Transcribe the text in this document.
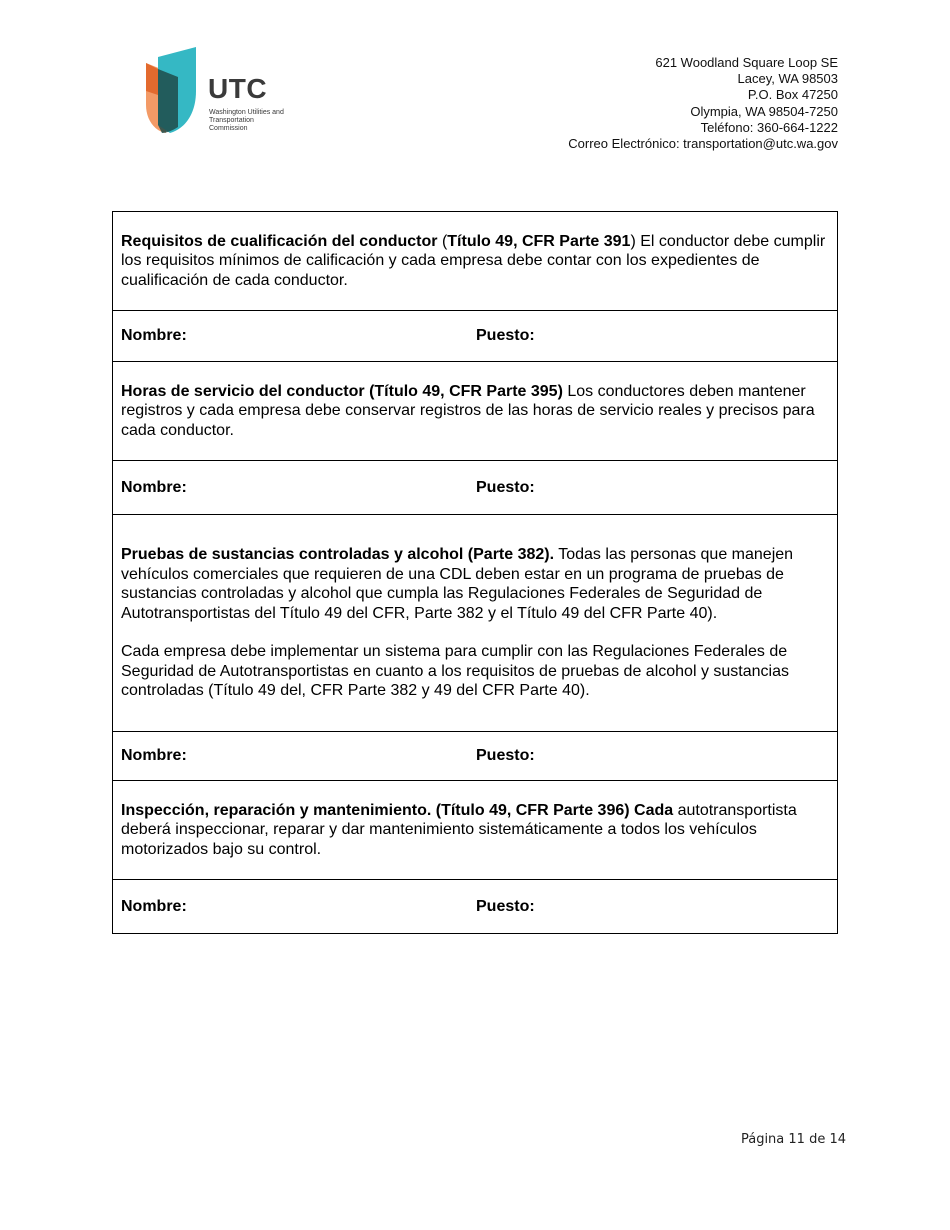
UTC
Washington Utilities and Transportation Commission
621 Woodland Square Loop SE
Lacey, WA 98503
P.O. Box 47250
Olympia, WA 98504-7250
Teléfono: 360-664-1222
Correo Electrónico: transportation@utc.wa.gov

Requisitos de cualificación del conductor (Título 49, CFR Parte 391) El conductor debe cumplir los requisitos mínimos de calificación y cada empresa debe contar con los expedientes de cualificación de cada conductor.

Nombre:	Puesto:

Horas de servicio del conductor (Título 49, CFR Parte 395) Los conductores deben mantener registros y cada empresa debe conservar registros de las horas de servicio reales y precisos para cada conductor.

Nombre:	Puesto:

Pruebas de sustancias controladas y alcohol (Parte 382). Todas las personas que manejen vehículos comerciales que requieren de una CDL deben estar en un programa de pruebas de sustancias controladas y alcohol que cumpla las Regulaciones Federales de Seguridad de Autotransportistas del Título 49 del CFR, Parte 382 y el Título 49 del CFR Parte 40).

Cada empresa debe implementar un sistema para cumplir con las Regulaciones Federales de Seguridad de Autotransportistas en cuanto a los requisitos de pruebas de alcohol y sustancias controladas (Título 49 del, CFR Parte 382 y 49 del CFR Parte 40).

Nombre:	Puesto:

Inspección, reparación y mantenimiento. (Título 49, CFR Parte 396) Cada autotransportista deberá inspeccionar, reparar y dar mantenimiento sistemáticamente a todos los vehículos motorizados bajo su control.

Nombre:	Puesto:
Página 11 de 14
